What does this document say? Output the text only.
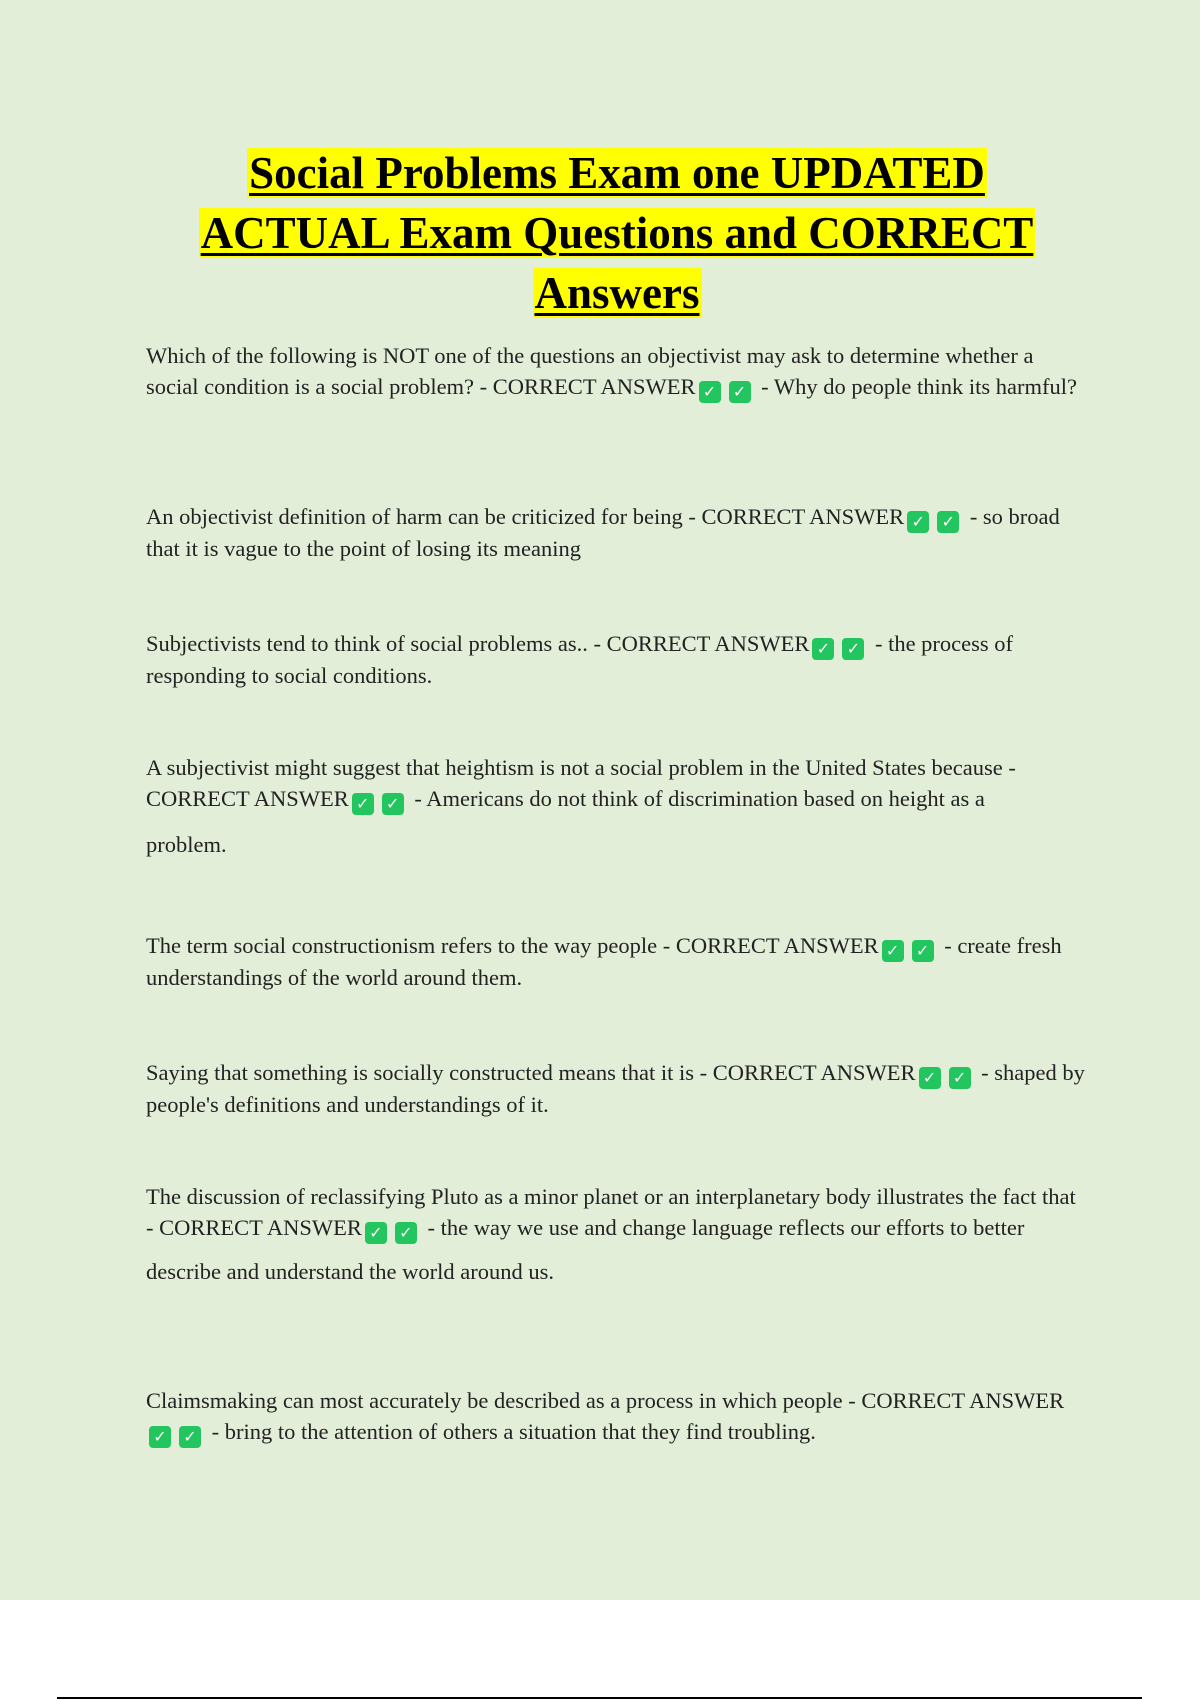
Social Problems Exam one UPDATED
ACTUAL Exam Questions and CORRECT
Answers

Which of the following is NOT one of the questions an objectivist may ask to determine whether a social condition is a social problem? - CORRECT ANSWER ✓ ✓ - Why do people think its harmful?

An objectivist definition of harm can be criticized for being - CORRECT ANSWER ✓ ✓ - so broad that it is vague to the point of losing its meaning

Subjectivists tend to think of social problems as.. - CORRECT ANSWER ✓ ✓ - the process of responding to social conditions.

A subjectivist might suggest that heightism is not a social problem in the United States because - CORRECT ANSWER ✓ ✓ - Americans do not think of discrimination based on height as a
problem.

The term social constructionism refers to the way people - CORRECT ANSWER ✓ ✓ - create fresh understandings of the world around them.

Saying that something is socially constructed means that it is - CORRECT ANSWER ✓ ✓ - shaped by people's definitions and understandings of it.

The discussion of reclassifying Pluto as a minor planet or an interplanetary body illustrates the fact that - CORRECT ANSWER ✓ ✓ - the way we use and change language reflects our efforts to better
describe and understand the world around us.

Claimsmaking can most accurately be described as a process in which people - CORRECT ANSWER✓ ✓ - bring to the attention of others a situation that they find troubling.
